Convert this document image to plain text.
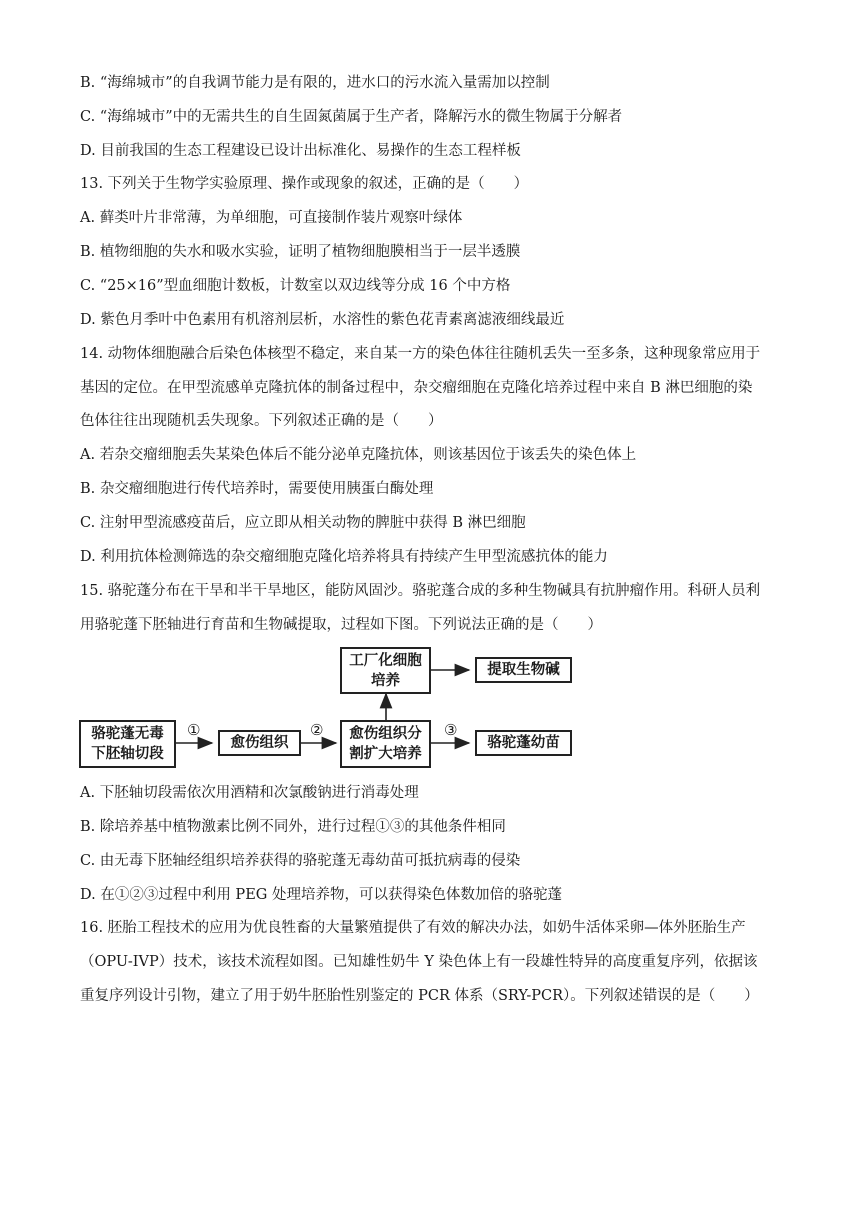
B. “海绵城市”的自我调节能力是有限的，进水口的污水流入量需加以控制
C. “海绵城市”中的无需共生的自生固氮菌属于生产者，降解污水的微生物属于分解者
D. 目前我国的生态工程建设已设计出标准化、易操作的生态工程样板
13. 下列关于生物学实验原理、操作或现象的叙述，正确的是（　　）
A. 藓类叶片非常薄，为单细胞，可直接制作装片观察叶绿体
B. 植物细胞的失水和吸水实验，证明了植物细胞膜相当于一层半透膜
C. “25×16”型血细胞计数板，计数室以双边线等分成 16 个中方格
D. 紫色月季叶中色素用有机溶剂层析，水溶性的紫色花青素离滤液细线最近
14. 动物体细胞融合后染色体核型不稳定，来自某一方的染色体往往随机丢失一至多条，这种现象常应用于
基因的定位。在甲型流感单克隆抗体的制备过程中，杂交瘤细胞在克隆化培养过程中来自 B 淋巴细胞的染
色体往往出现随机丢失现象。下列叙述正确的是（　　）
A. 若杂交瘤细胞丢失某染色体后不能分泌单克隆抗体，则该基因位于该丢失的染色体上
B. 杂交瘤细胞进行传代培养时，需要使用胰蛋白酶处理
C. 注射甲型流感疫苗后，应立即从相关动物的脾脏中获得 B 淋巴细胞
D. 利用抗体检测筛选的杂交瘤细胞克隆化培养将具有持续产生甲型流感抗体的能力
15. 骆驼蓬分布在干旱和半干旱地区，能防风固沙。骆驼蓬合成的多种生物碱具有抗肿瘤作用。科研人员利
用骆驼蓬下胚轴进行育苗和生物碱提取，过程如下图。下列说法正确的是（　　）
骆驼蓬无毒
下胚轴切段
①
愈伤组织
② 愈伤组织分
割扩大培养
③
骆驼蓬幼苗
工厂化细胞
培养
提取生物碱
A. 下胚轴切段需依次用酒精和次氯酸钠进行消毒处理
B. 除培养基中植物激素比例不同外，进行过程①③的其他条件相同
C. 由无毒下胚轴经组织培养获得的骆驼蓬无毒幼苗可抵抗病毒的侵染
D. 在①②③过程中利用 PEG 处理培养物，可以获得染色体数加倍的骆驼蓬
16. 胚胎工程技术的应用为优良牲畜的大量繁殖提供了有效的解决办法，如奶牛活体采卵—体外胚胎生产
（OPU-IVP）技术，该技术流程如图。已知雄性奶牛 Y 染色体上有一段雄性特异的高度重复序列，依据该
重复序列设计引物，建立了用于奶牛胚胎性别鉴定的 PCR 体系（SRY-PCR）。下列叙述错误的是（　　）
